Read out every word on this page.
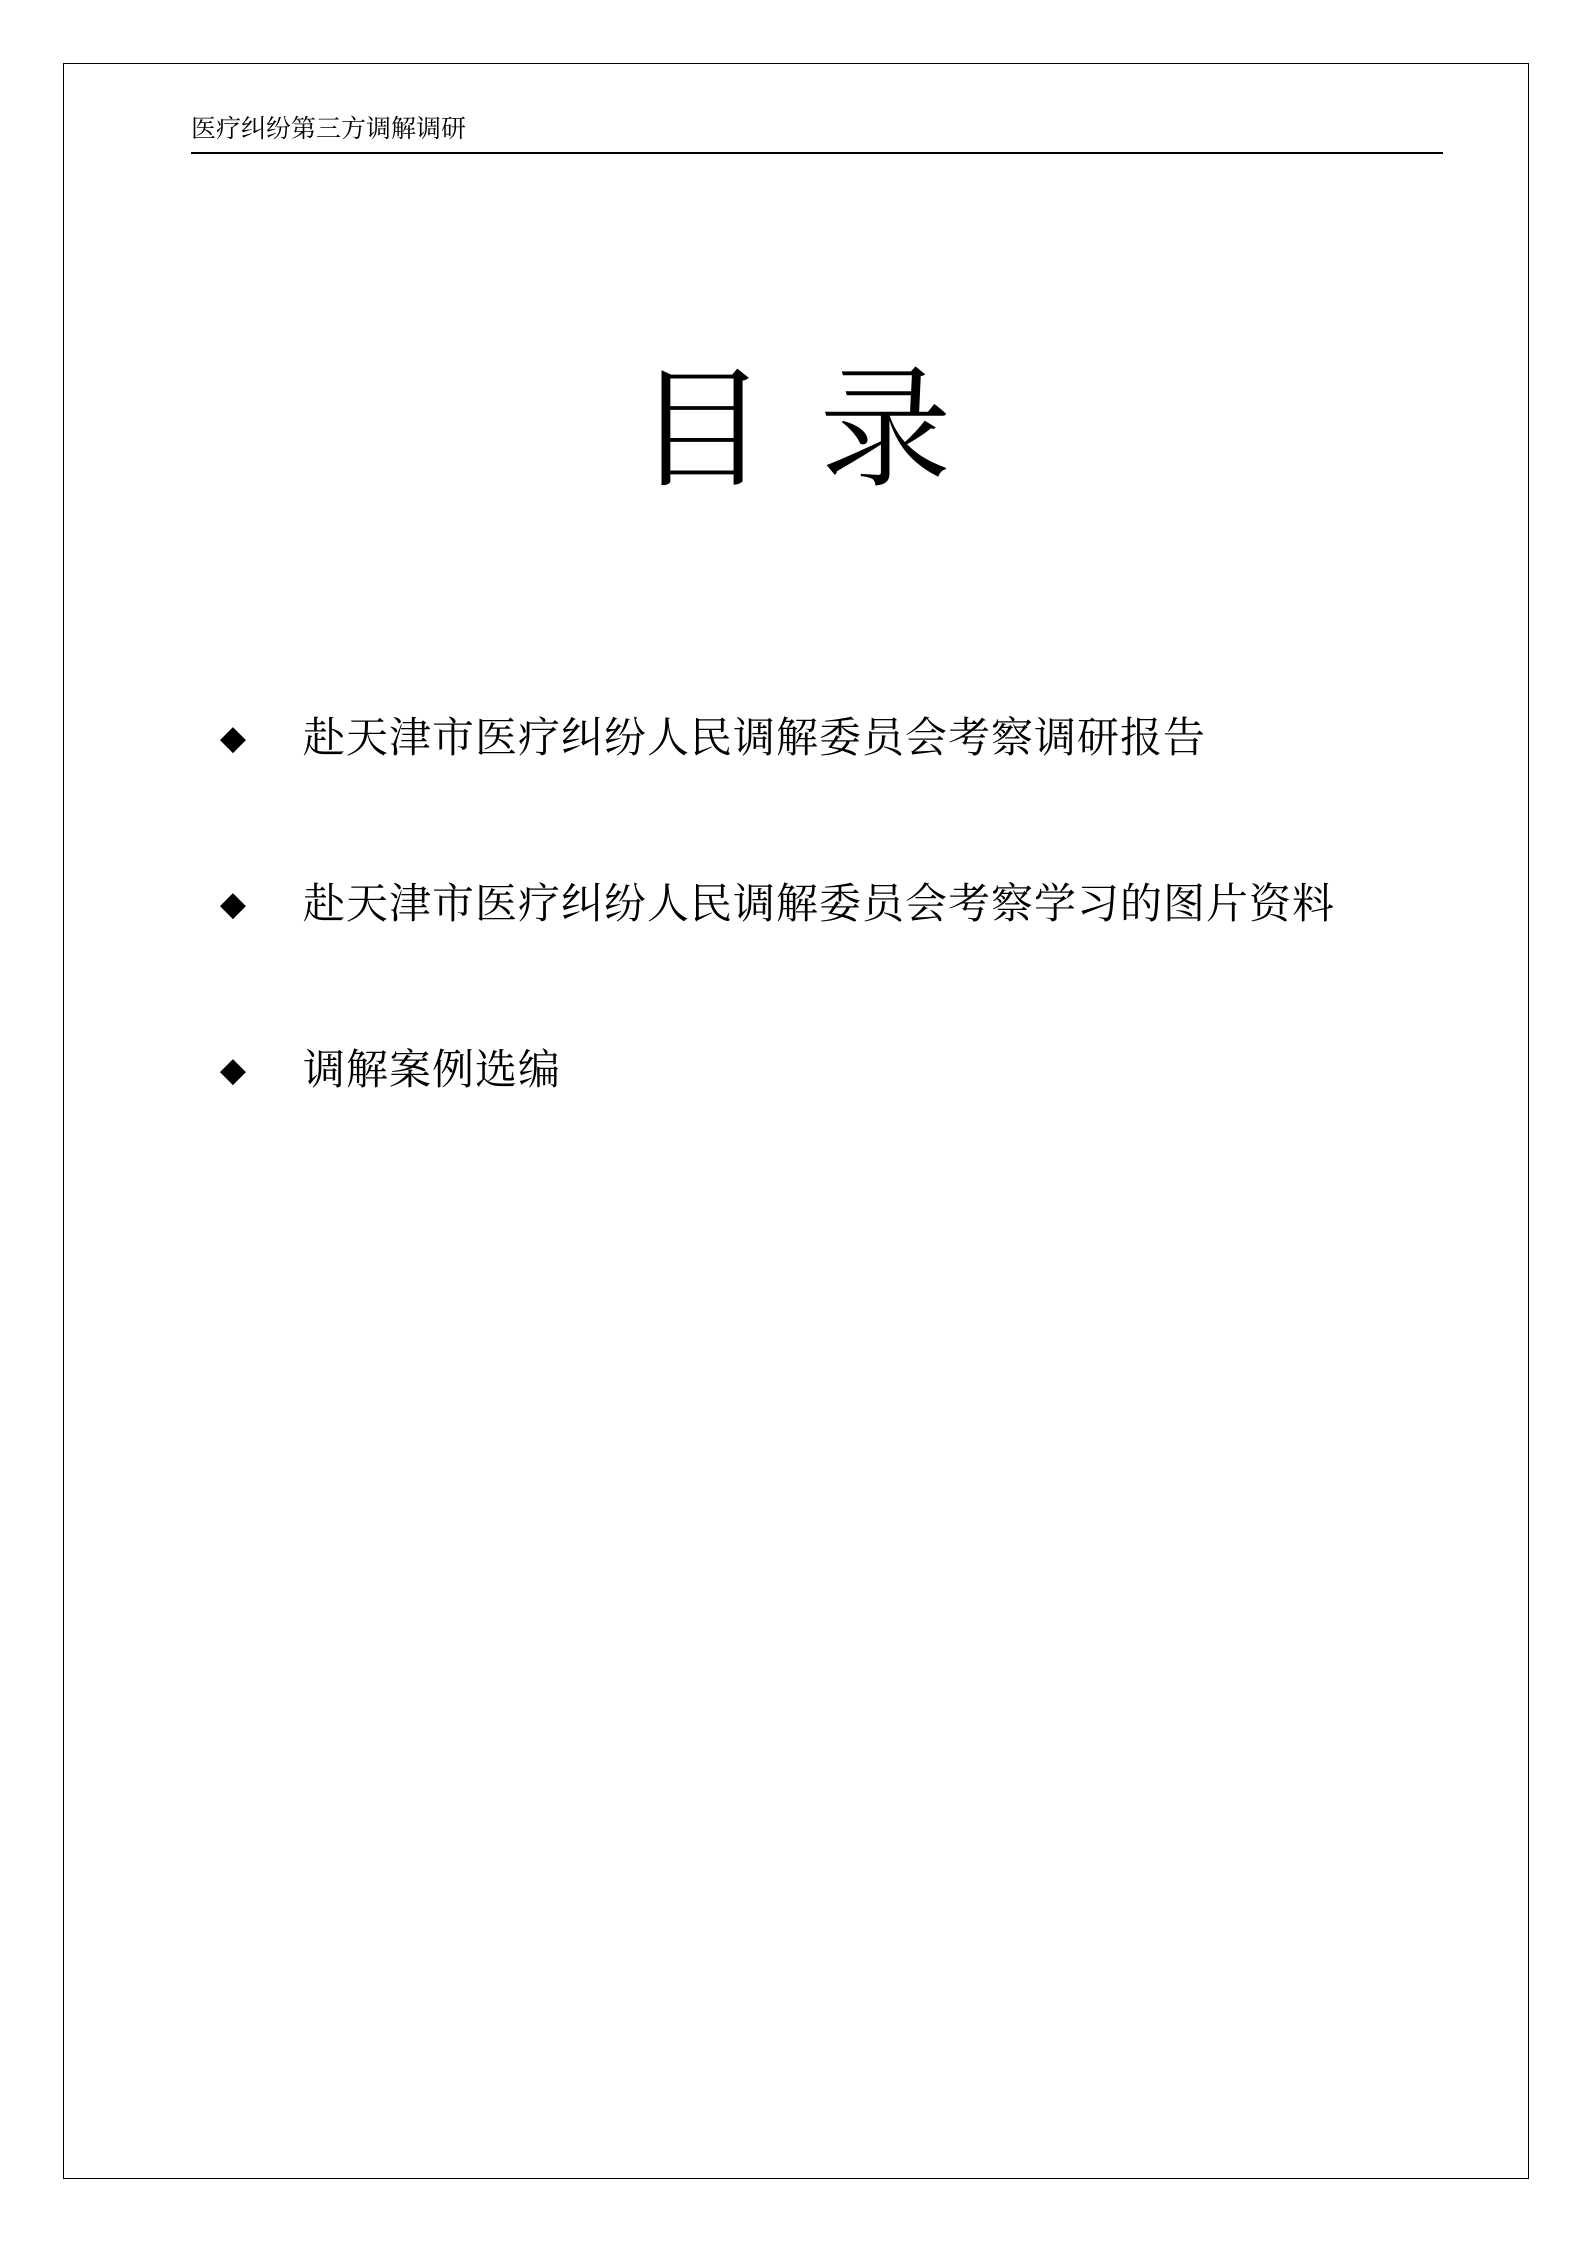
医疗纠纷第三方调解调研
目录
◆ 赴天津市医疗纠纷人民调解委员会考察调研报告
◆ 赴天津市医疗纠纷人民调解委员会考察学习的图片资料
◆ 调解案例选编
